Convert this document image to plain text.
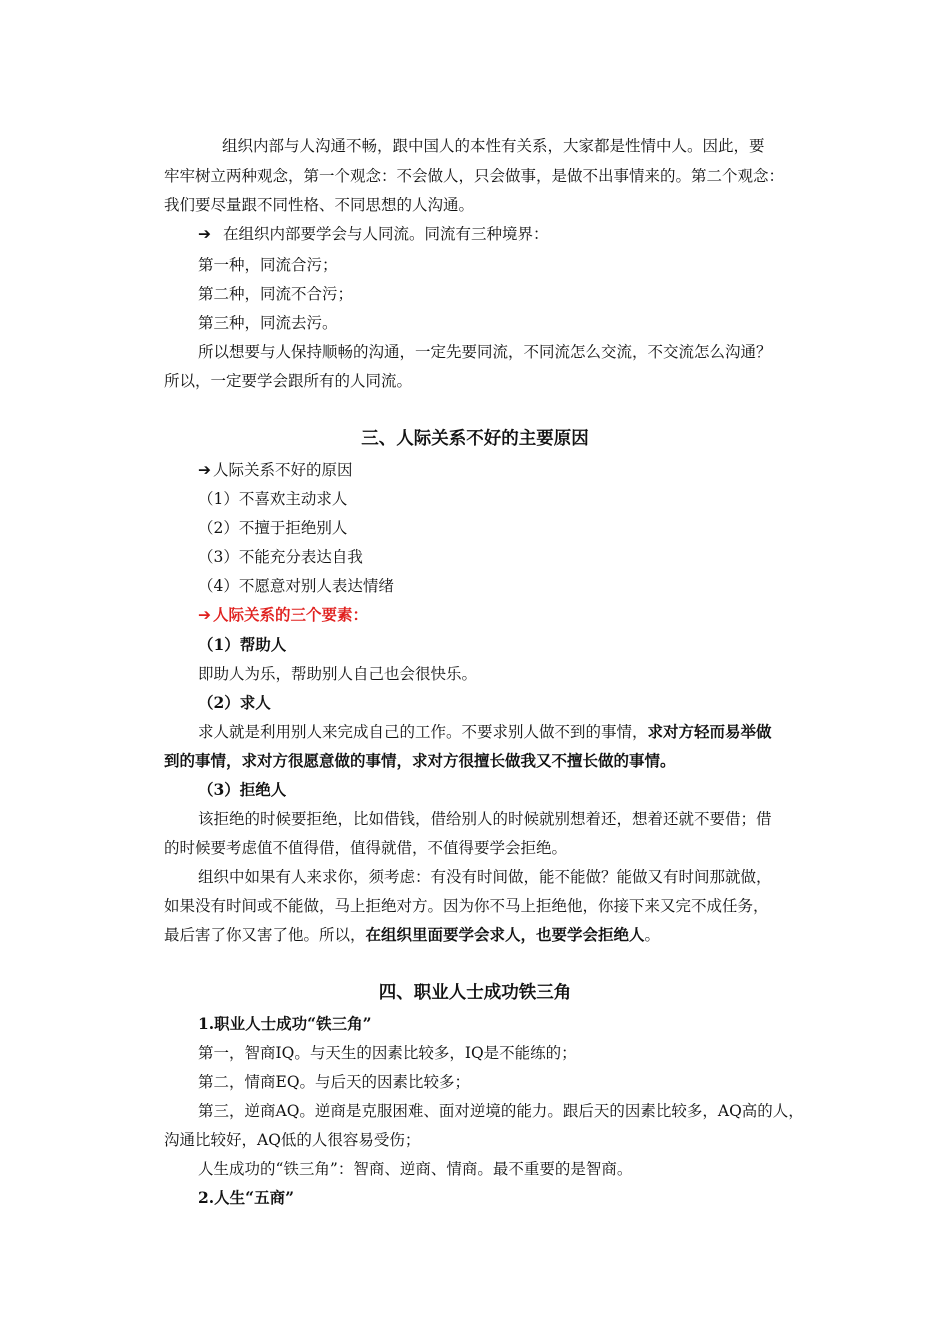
组织内部与人沟通不畅，跟中国人的本性有关系，大家都是性情中人。因此，要
牢牢树立两种观念，第一个观念：不会做人，只会做事，是做不出事情来的。第二个观念：
我们要尽量跟不同性格、不同思想的人沟通。
➔ 在组织内部要学会与人同流。同流有三种境界：
第一种，同流合污；
第二种，同流不合污；
第三种，同流去污。
所以想要与人保持顺畅的沟通，一定先要同流，不同流怎么交流，不交流怎么沟通？
所以，一定要学会跟所有的人同流。
三、人际关系不好的主要原因
➔ 人际关系不好的原因
（1）不喜欢主动求人
（2）不擅于拒绝别人
（3）不能充分表达自我
（4）不愿意对别人表达情绪
➔ 人际关系的三个要素：
（1）帮助人
即助人为乐，帮助别人自己也会很快乐。
（2）求人
求人就是利用别人来完成自己的工作。不要求别人做不到的事情，求对方轻而易举做
到的事情，求对方很愿意做的事情，求对方很擅长做我又不擅长做的事情。
（3）拒绝人
该拒绝的时候要拒绝，比如借钱，借给别人的时候就别想着还，想着还就不要借；借
的时候要考虑值不值得借，值得就借，不值得要学会拒绝。
组织中如果有人来求你，须考虑：有没有时间做，能不能做？能做又有时间那就做，
如果没有时间或不能做，马上拒绝对方。因为你不马上拒绝他，你接下来又完不成任务，
最后害了你又害了他。所以，在组织里面要学会求人，也要学会拒绝人。
四、职业人士成功铁三角
1.职业人士成功“铁三角”
第一，智商IQ。与天生的因素比较多，IQ是不能练的；
第二，情商EQ。与后天的因素比较多；
第三，逆商AQ。逆商是克服困难、面对逆境的能力。跟后天的因素比较多，AQ高的人，
沟通比较好，AQ低的人很容易受伤；
人生成功的“铁三角”：智商、逆商、情商。最不重要的是智商。
2.人生“五商”
